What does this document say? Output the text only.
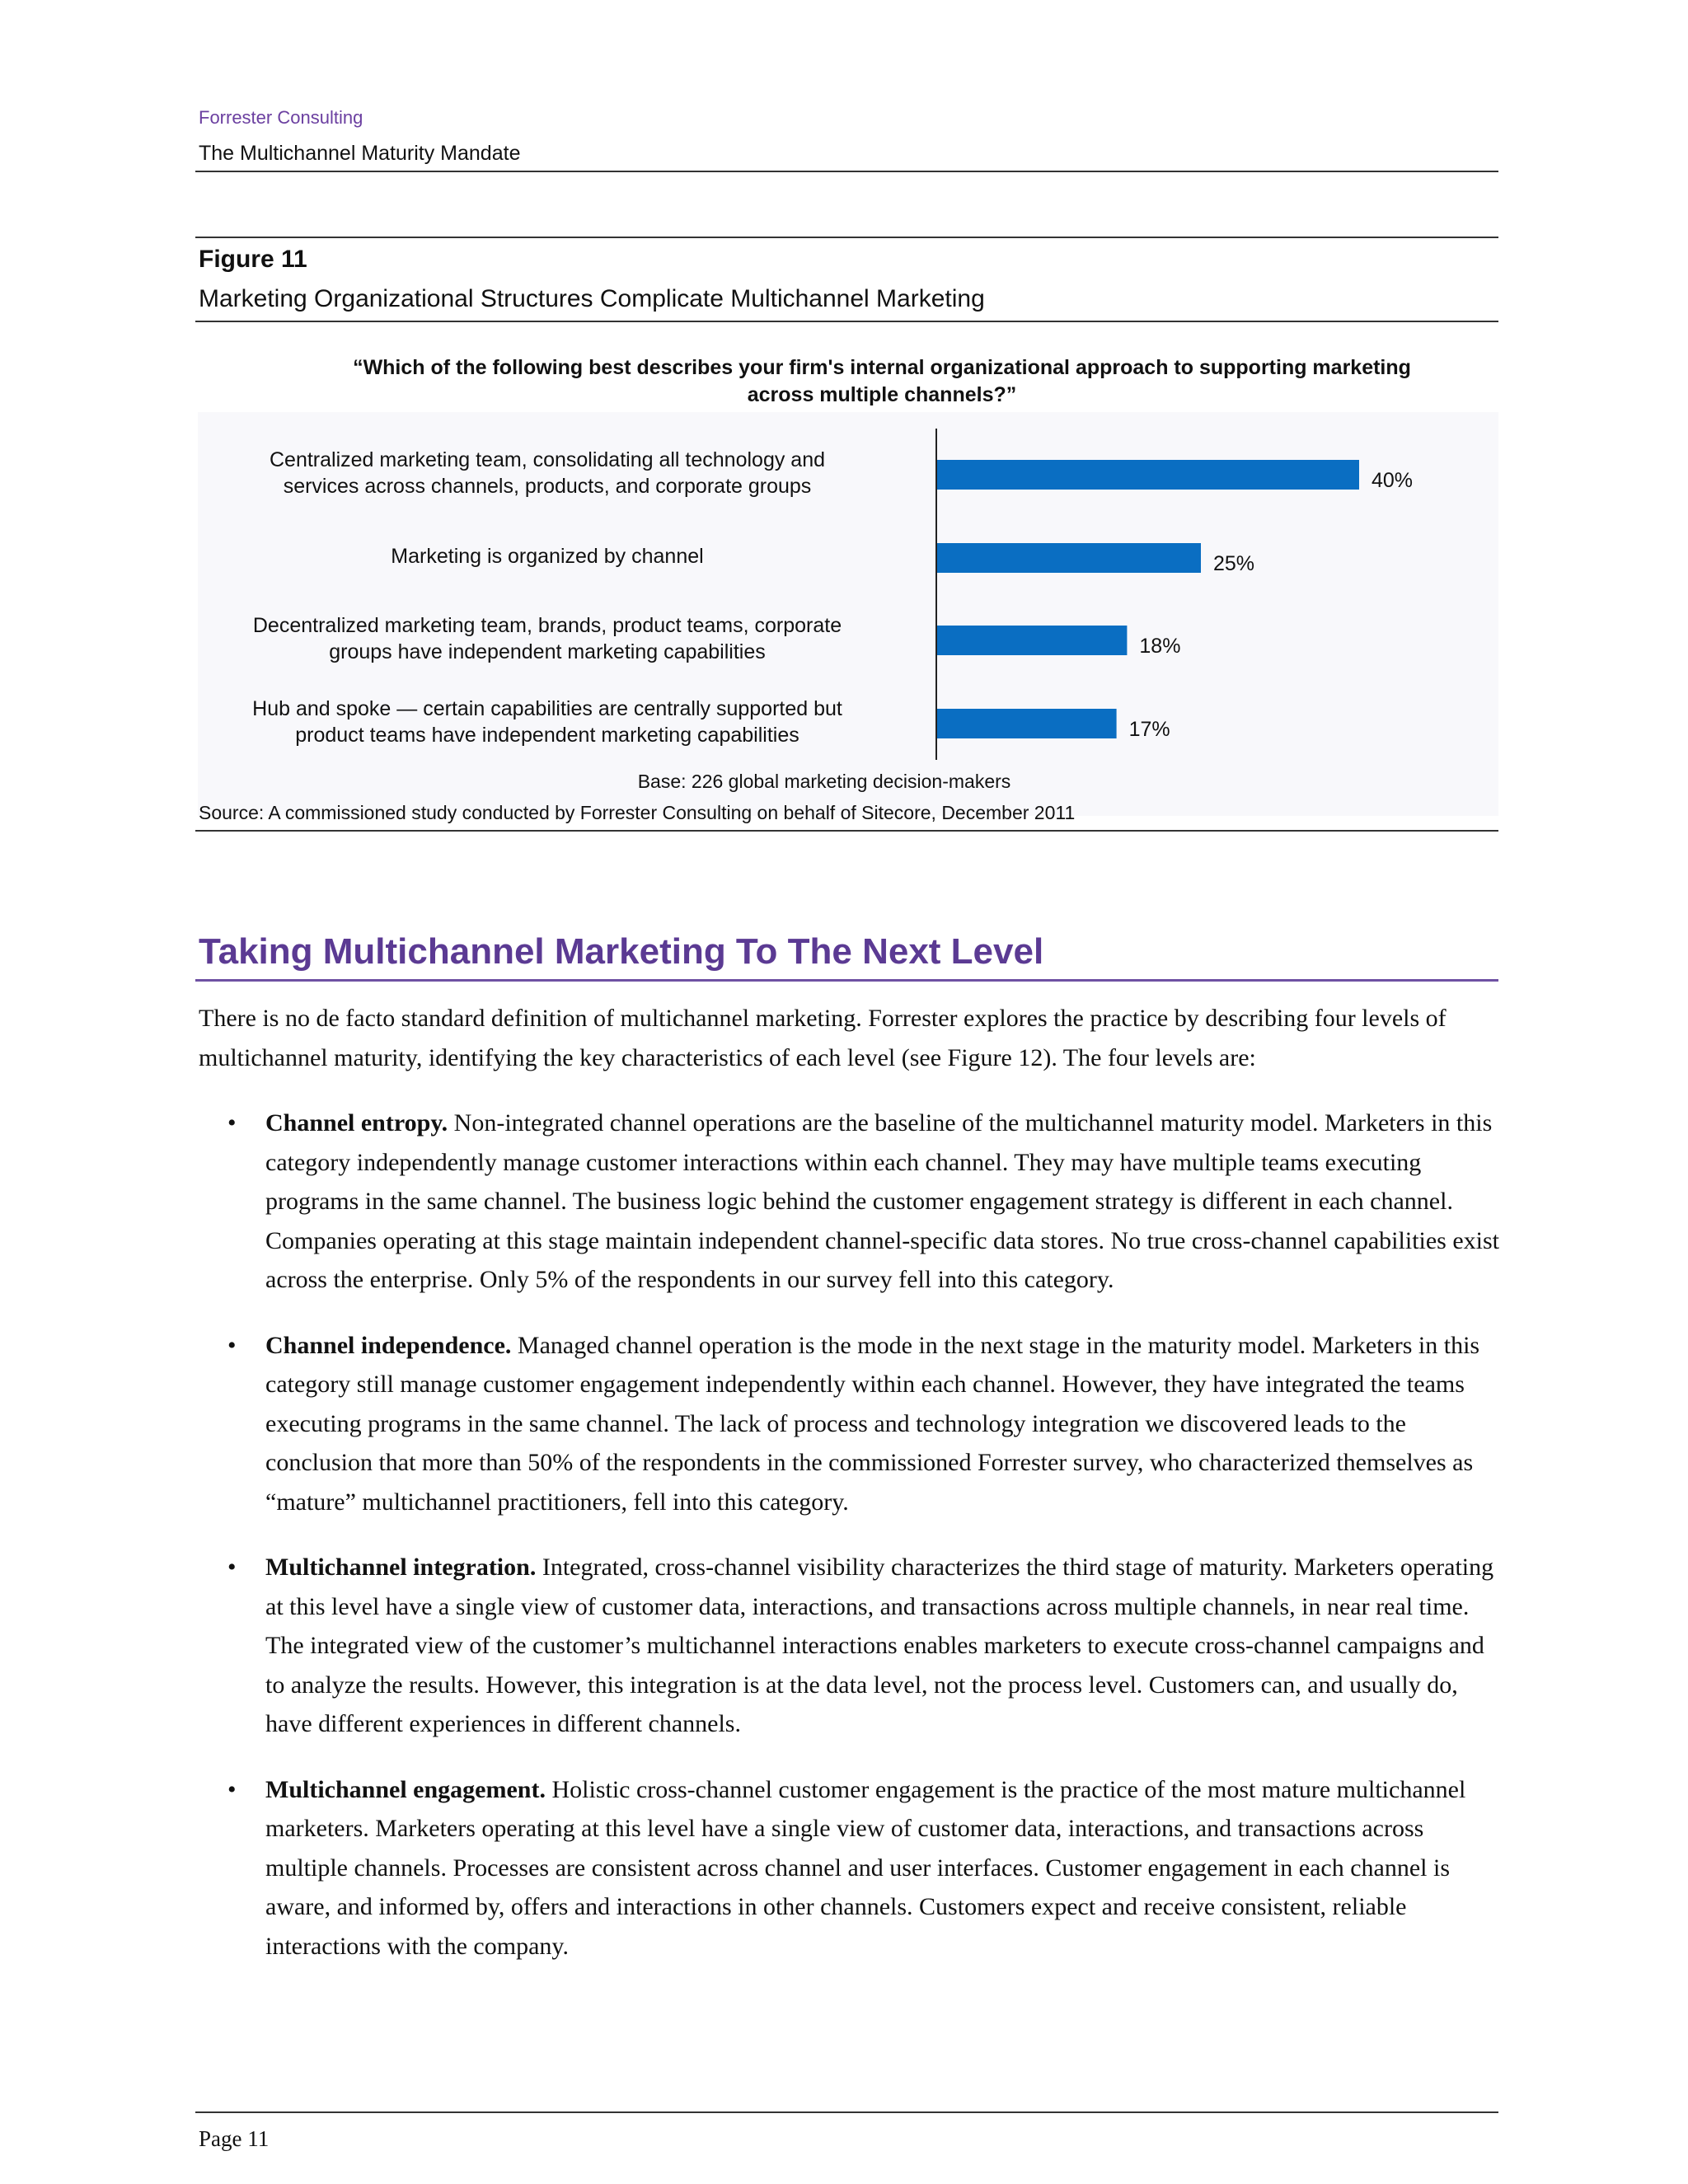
Forrester Consulting
The Multichannel Maturity Mandate
Figure 11
Marketing Organizational Structures Complicate Multichannel Marketing
“Which of the following best describes your firm's internal organizational approach to supporting marketing across multiple channels?”
Centralized marketing team, consolidating all technology and
services across channels, products, and corporate groups
Marketing is organized by channel
Decentralized marketing team, brands, product teams, corporate
groups have independent marketing capabilities
Hub and spoke — certain capabilities are centrally supported but
product teams have independent marketing capabilities
40%
25%
18%
17%
Base: 226 global marketing decision-makers
Source: A commissioned study conducted by Forrester Consulting on behalf of Sitecore, December 2011
Taking Multichannel Marketing To The Next Level

There is no de facto standard definition of multichannel marketing. Forrester explores the practice by describing four levels of multichannel maturity, identifying the key characteristics of each level (see Figure 12). The four levels are:

• Channel entropy. Non-integrated channel operations are the baseline of the multichannel maturity model. Marketers in this category independently manage customer interactions within each channel. They may have multiple teams executing programs in the same channel. The business logic behind the customer engagement strategy is different in each channel. Companies operating at this stage maintain independent channel-specific data stores. No true cross-channel capabilities exist across the enterprise. Only 5% of the respondents in our survey fell into this category.
• Channel independence. Managed channel operation is the mode in the next stage in the maturity model. Marketers in this category still manage customer engagement independently within each channel. However, they have integrated the teams executing programs in the same channel. The lack of process and technology integration we discovered leads to the conclusion that more than 50% of the respondents in the commissioned Forrester survey, who characterized themselves as “mature” multichannel practitioners, fell into this category.
• Multichannel integration. Integrated, cross-channel visibility characterizes the third stage of maturity. Marketers operating at this level have a single view of customer data, interactions, and transactions across multiple channels, in near real time. The integrated view of the customer’s multichannel interactions enables marketers to execute cross-channel campaigns and to analyze the results. However, this integration is at the data level, not the process level. Customers can, and usually do, have different experiences in different channels.
• Multichannel engagement. Holistic cross-channel customer engagement is the practice of the most mature multichannel marketers. Marketers operating at this level have a single view of customer data, interactions, and transactions across multiple channels. Processes are consistent across channel and user interfaces. Customer engagement in each channel is aware, and informed by, offers and interactions in other channels. Customers expect and receive consistent, reliable interactions with the company.
Page 11
